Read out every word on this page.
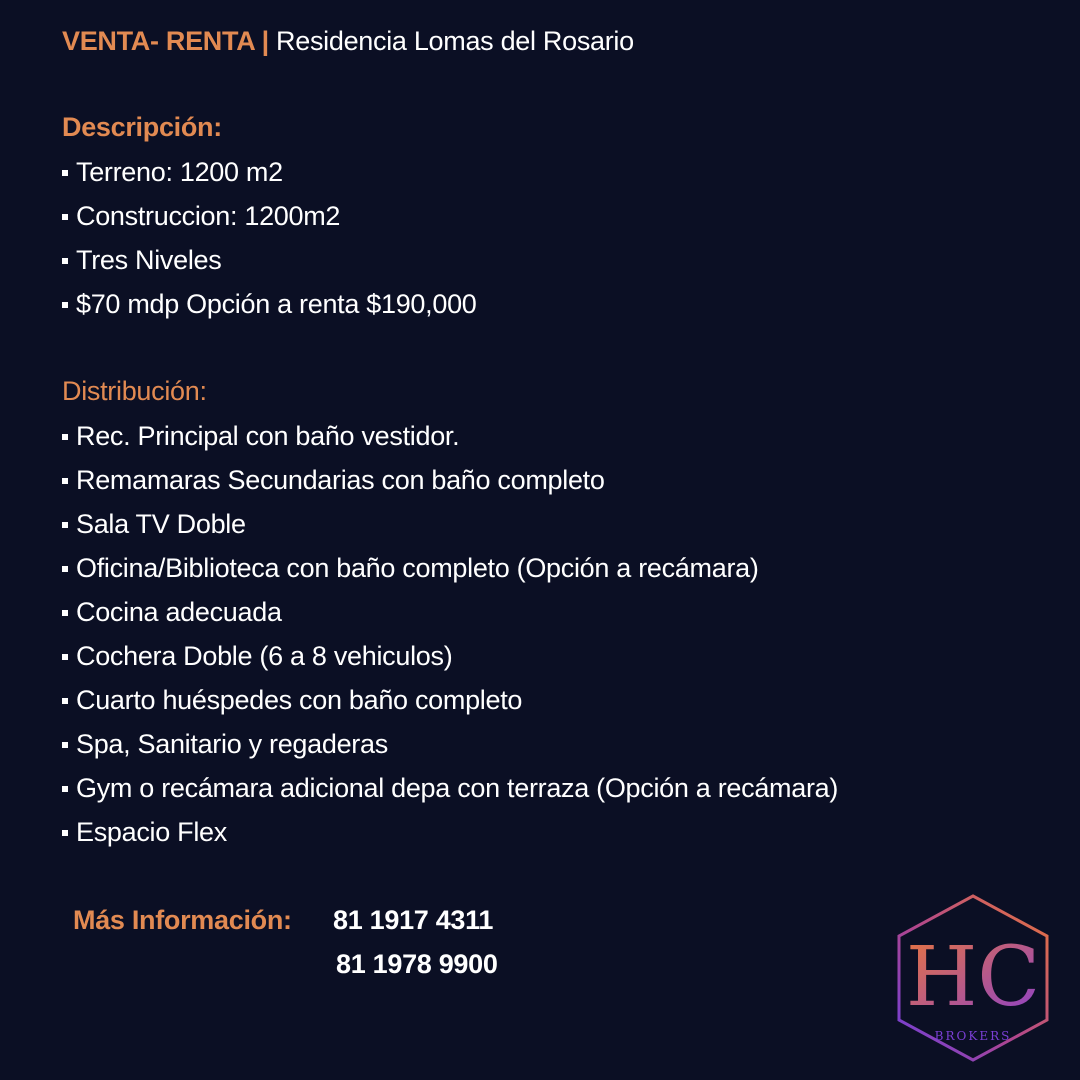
VENTA- RENTA | Residencia Lomas del Rosario
Descripción:
Terreno: 1200 m2
Construccion: 1200m2
Tres Niveles
$70 mdp Opción a renta $190,000
Distribución:
Rec. Principal con baño vestidor.
Remamaras Secundarias con baño completo
Sala TV Doble
Oficina/Biblioteca con baño completo (Opción a recámara)
Cocina adecuada
Cochera Doble (6 a 8 vehiculos)
Cuarto huéspedes con baño completo
Spa, Sanitario y regaderas
Gym o recámara adicional depa con terraza (Opción a recámara)
Espacio Flex
Más Información: 81 1917 4311
81 1978 9900	HC
BROKERS
